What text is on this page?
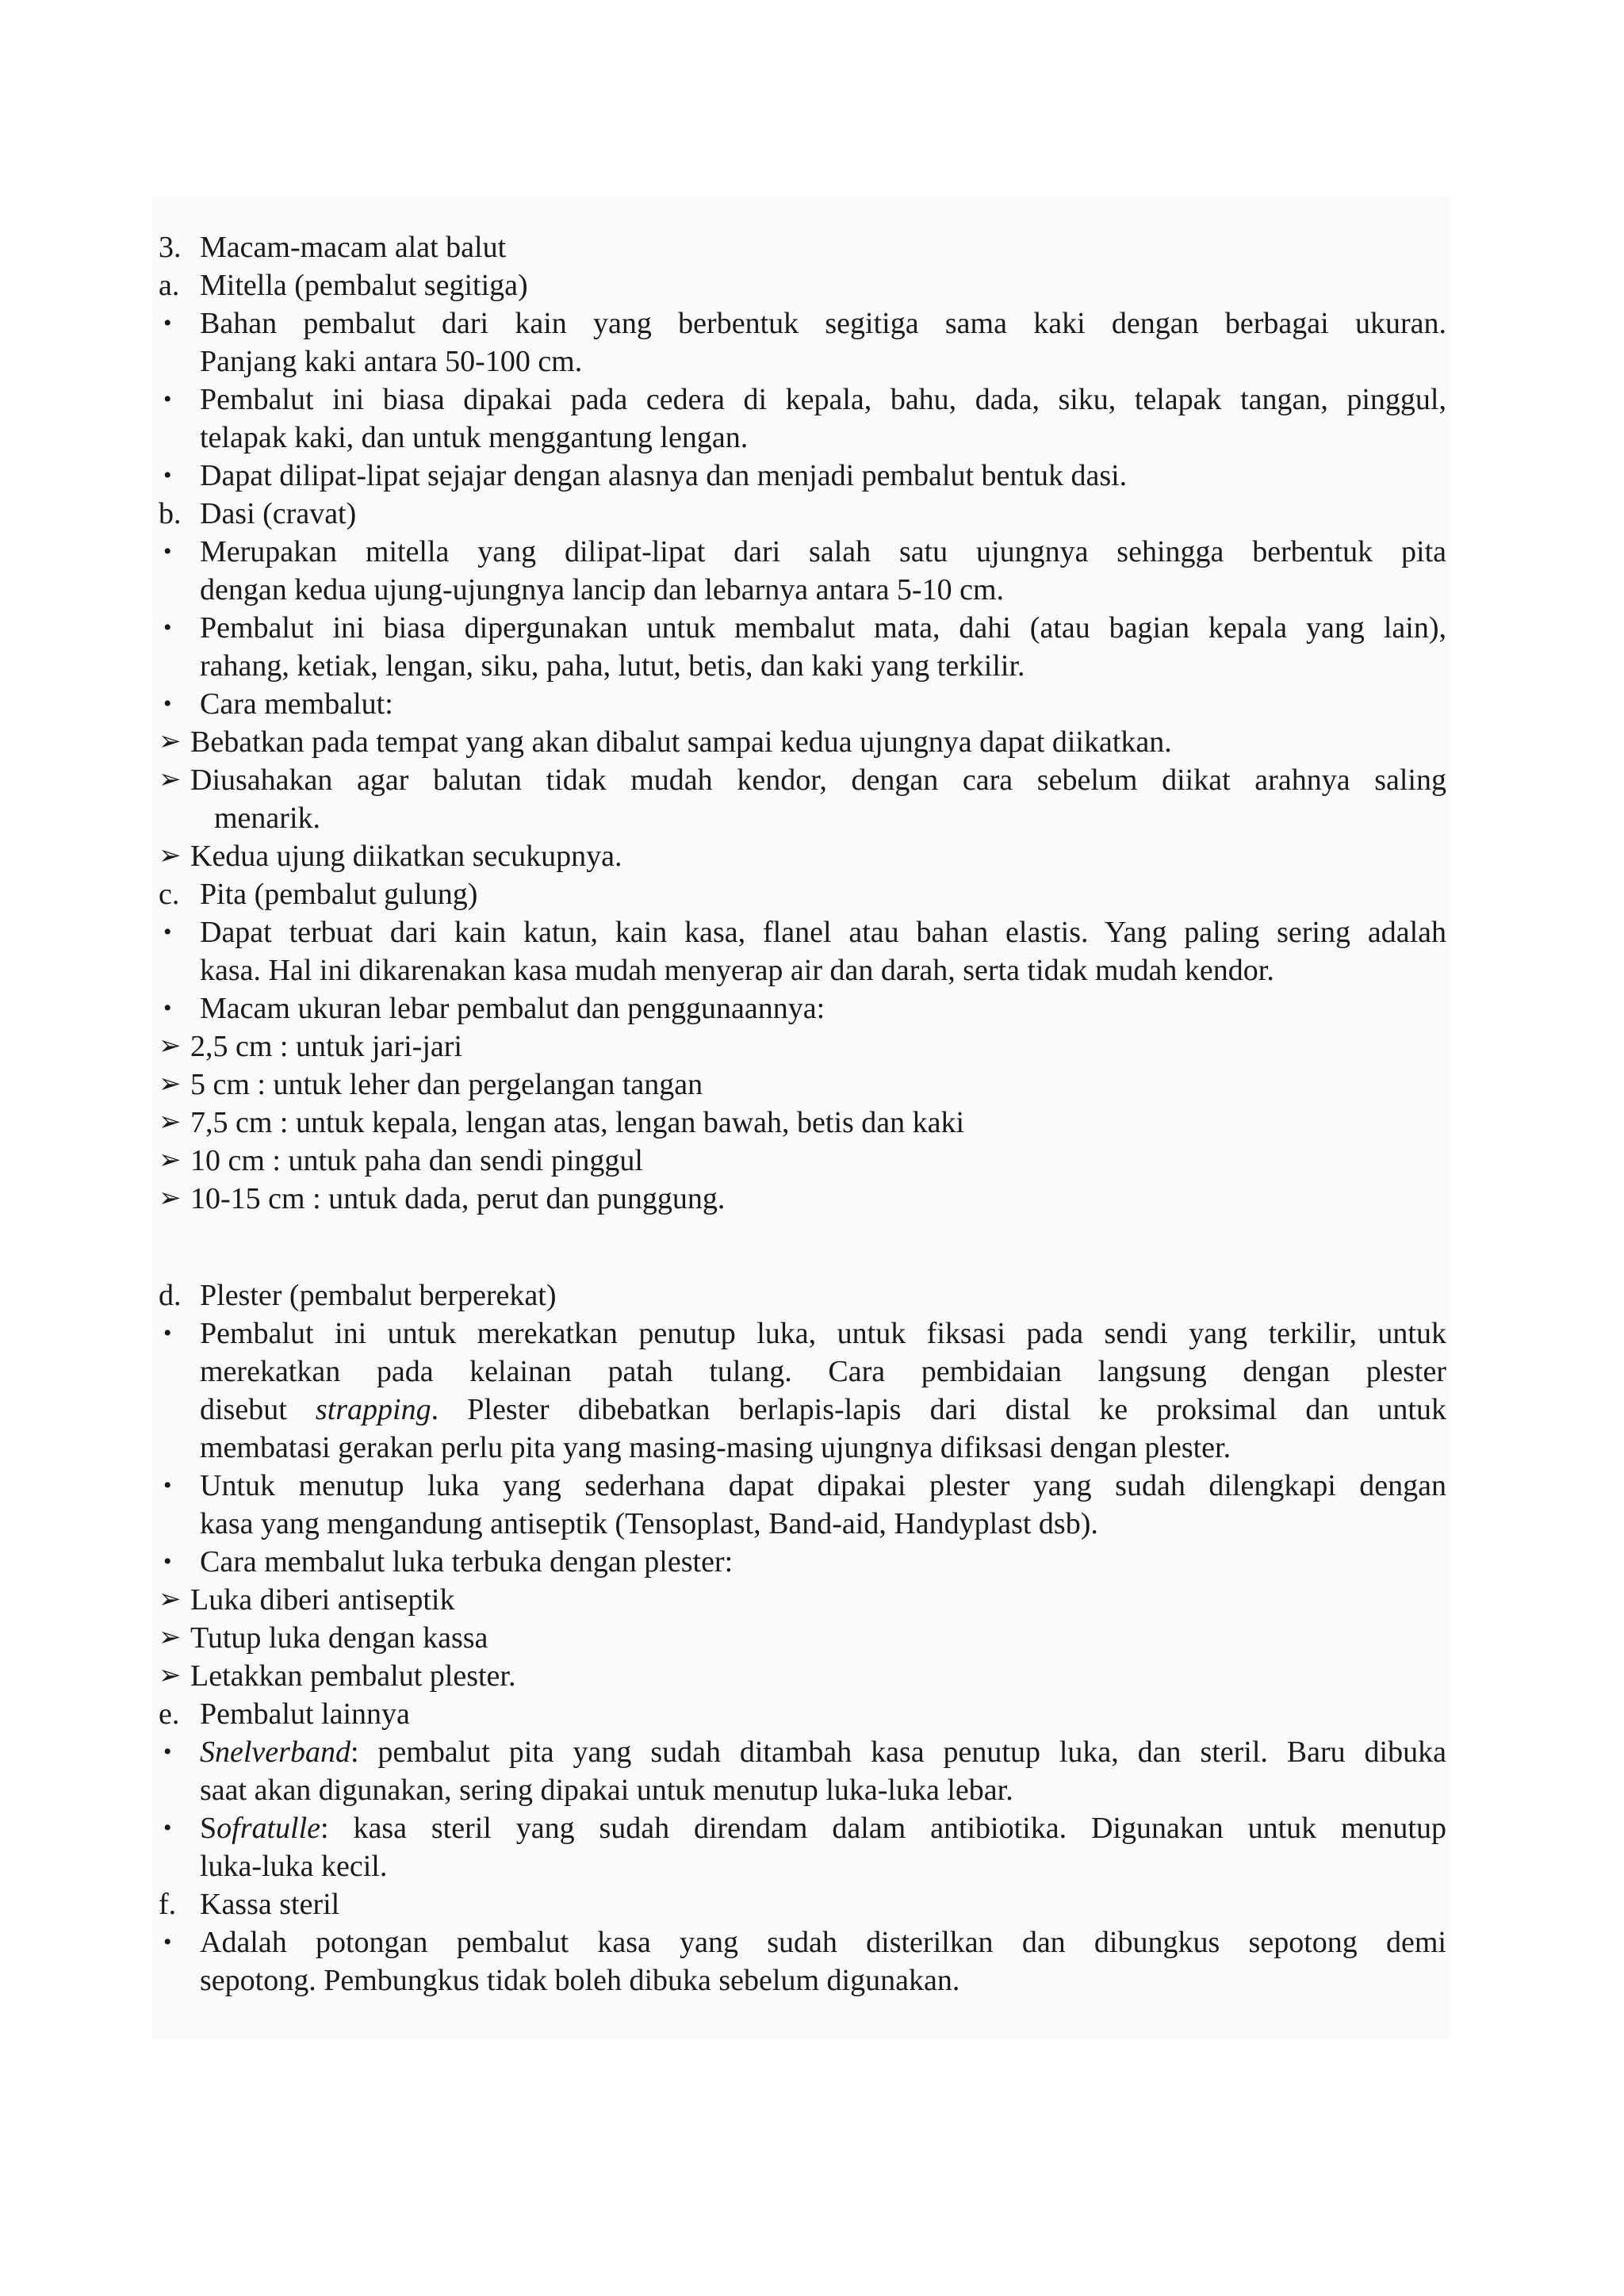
3. Macam-macam alat balut

a. Mitella (pembalut segitiga)

• Bahan pembalut dari kain yang berbentuk segitiga sama kaki dengan berbagai ukuran.

Panjang kaki antara 50-100 cm.

• Pembalut ini biasa dipakai pada cedera di kepala, bahu, dada, siku, telapak tangan, pinggul,

telapak kaki, dan untuk menggantung lengan.

• Dapat dilipat-lipat sejajar dengan alasnya dan menjadi pembalut bentuk dasi.

b. Dasi (cravat)

• Merupakan mitella yang dilipat-lipat dari salah satu ujungnya sehingga berbentuk pita

dengan kedua ujung-ujungnya lancip dan lebarnya antara 5-10 cm.

• Pembalut ini biasa dipergunakan untuk membalut mata, dahi (atau bagian kepala yang lain),

rahang, ketiak, lengan, siku, paha, lutut, betis, dan kaki yang terkilir.

• Cara membalut:

➢ Bebatkan pada tempat yang akan dibalut sampai kedua ujungnya dapat diikatkan.

➢ Diusahakan agar balutan tidak mudah kendor, dengan cara sebelum diikat arahnya saling

menarik.

➢ Kedua ujung diikatkan secukupnya.

c. Pita (pembalut gulung)

• Dapat terbuat dari kain katun, kain kasa, flanel atau bahan elastis. Yang paling sering adalah

kasa. Hal ini dikarenakan kasa mudah menyerap air dan darah, serta tidak mudah kendor.

• Macam ukuran lebar pembalut dan penggunaannya:

➢ 2,5 cm : untuk jari-jari

➢ 5 cm : untuk leher dan pergelangan tangan

➢ 7,5 cm : untuk kepala, lengan atas, lengan bawah, betis dan kaki

➢ 10 cm : untuk paha dan sendi pinggul

➢ 10-15 cm : untuk dada, perut dan punggung.

d. Plester (pembalut berperekat)

• Pembalut ini untuk merekatkan penutup luka, untuk fiksasi pada sendi yang terkilir, untuk

merekatkan pada kelainan patah tulang. Cara pembidaian langsung dengan plester

disebut strapping. Plester dibebatkan berlapis-lapis dari distal ke proksimal dan untuk

membatasi gerakan perlu pita yang masing-masing ujungnya difiksasi dengan plester.

• Untuk menutup luka yang sederhana dapat dipakai plester yang sudah dilengkapi dengan

kasa yang mengandung antiseptik (Tensoplast, Band-aid, Handyplast dsb).

• Cara membalut luka terbuka dengan plester:

➢ Luka diberi antiseptik

➢ Tutup luka dengan kassa

➢ Letakkan pembalut plester.

e. Pembalut lainnya

• Snelverband: pembalut pita yang sudah ditambah kasa penutup luka, dan steril. Baru dibuka

saat akan digunakan, sering dipakai untuk menutup luka-luka lebar.

• Sofratulle: kasa steril yang sudah direndam dalam antibiotika. Digunakan untuk menutup

luka-luka kecil.

f. Kassa steril

• Adalah potongan pembalut kasa yang sudah disterilkan dan dibungkus sepotong demi

sepotong. Pembungkus tidak boleh dibuka sebelum digunakan.
